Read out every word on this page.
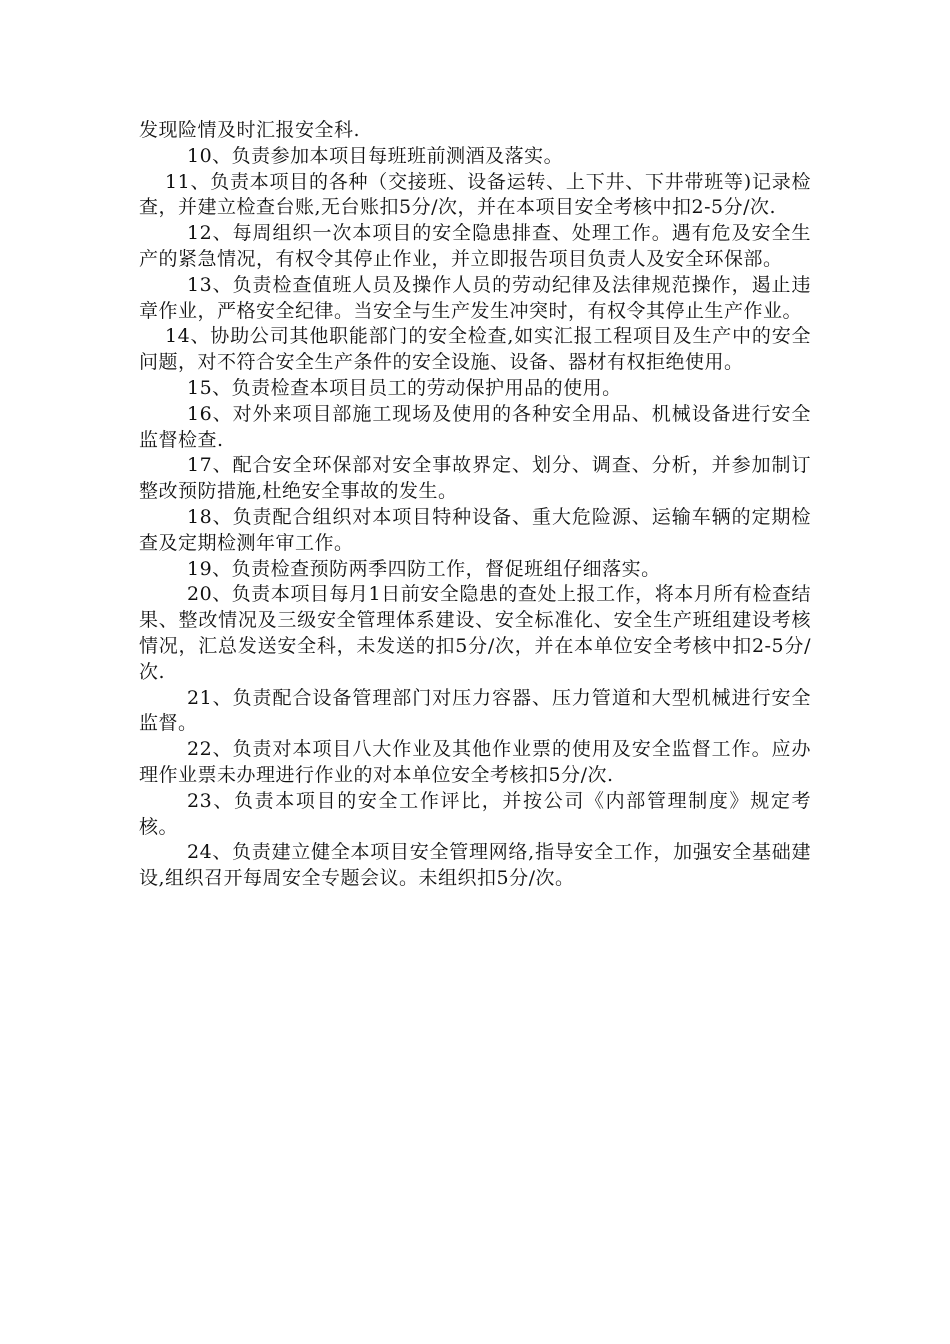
发现险情及时汇报安全科.

10、负责参加本项目每班班前测酒及落实。

11、负责本项目的各种（交接班、设备运转、上下井、下井带班等)记录检查，并建立检查台账,无台账扣5分/次，并在本项目安全考核中扣2-5分/次.

12、每周组织一次本项目的安全隐患排查、处理工作。遇有危及安全生产的紧急情况，有权令其停止作业，并立即报告项目负责人及安全环保部。

13、负责检查值班人员及操作人员的劳动纪律及法律规范操作，遏止违章作业，严格安全纪律。当安全与生产发生冲突时，有权令其停止生产作业。

14、协助公司其他职能部门的安全检查,如实汇报工程项目及生产中的安全问题，对不符合安全生产条件的安全设施、设备、器材有权拒绝使用。

15、负责检查本项目员工的劳动保护用品的使用。

16、对外来项目部施工现场及使用的各种安全用品、机械设备进行安全监督检查.

17、配合安全环保部对安全事故界定、划分、调查、分析，并参加制订整改预防措施,杜绝安全事故的发生。

18、负责配合组织对本项目特种设备、重大危险源、运输车辆的定期检查及定期检测年审工作。

19、负责检查预防两季四防工作，督促班组仔细落实。

20、负责本项目每月1日前安全隐患的查处上报工作，将本月所有检查结果、整改情况及三级安全管理体系建设、安全标准化、安全生产班组建设考核情况，汇总发送安全科，未发送的扣5分/次，并在本单位安全考核中扣2-5分/次.

21、负责配合设备管理部门对压力容器、压力管道和大型机械进行安全监督。

22、负责对本项目八大作业及其他作业票的使用及安全监督工作。应办理作业票未办理进行作业的对本单位安全考核扣5分/次.

23、负责本项目的安全工作评比，并按公司《内部管理制度》规定考核。

24、负责建立健全本项目安全管理网络,指导安全工作，加强安全基础建设,组织召开每周安全专题会议。未组织扣5分/次。
